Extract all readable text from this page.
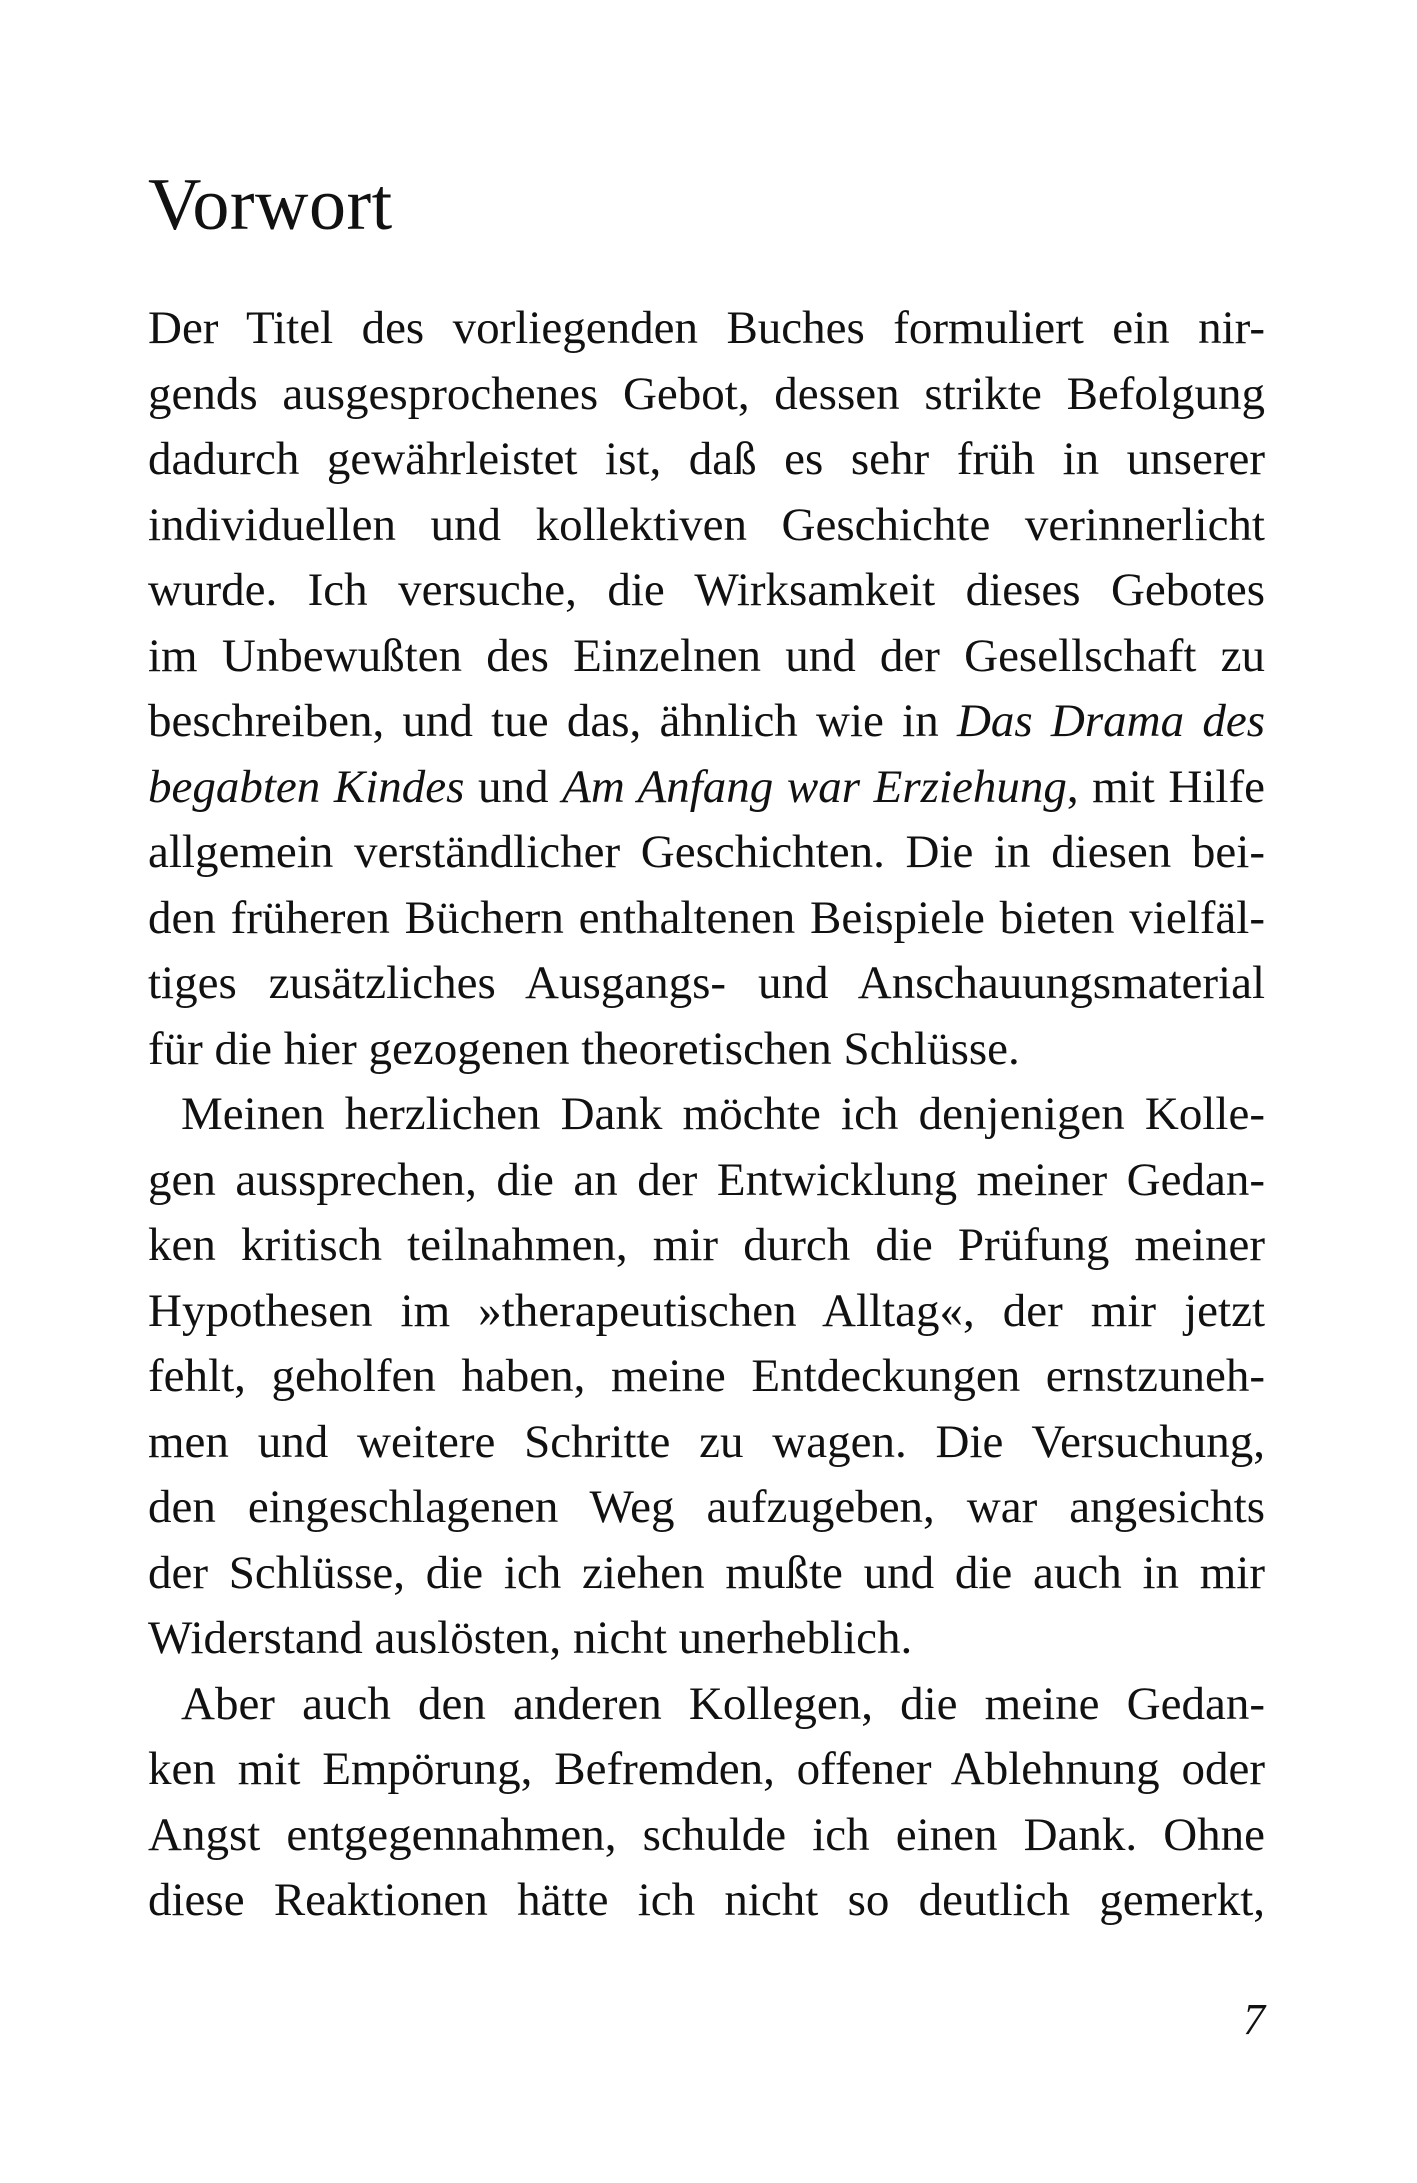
Vorwort
Der Titel des vorliegenden Buches formuliert ein nir-
gends ausgesprochenes Gebot, dessen strikte Befolgung
dadurch gewährleistet ist, daß es sehr früh in unserer
individuellen und kollektiven Geschichte verinnerlicht
wurde. Ich versuche, die Wirksamkeit dieses Gebotes
im Unbewußten des Einzelnen und der Gesellschaft zu
beschreiben, und tue das, ähnlich wie in Das Drama des
begabten Kindes und Am Anfang war Erziehung, mit Hilfe
allgemein verständlicher Geschichten. Die in diesen bei-
den früheren Büchern enthaltenen Beispiele bieten vielfäl-
tiges zusätzliches Ausgangs- und Anschauungsmaterial
für die hier gezogenen theoretischen Schlüsse.
Meinen herzlichen Dank möchte ich denjenigen Kolle-
gen aussprechen, die an der Entwicklung meiner Gedan-
ken kritisch teilnahmen, mir durch die Prüfung meiner
Hypothesen im »therapeutischen Alltag«, der mir jetzt
fehlt, geholfen haben, meine Entdeckungen ernstzuneh-
men und weitere Schritte zu wagen. Die Versuchung,
den eingeschlagenen Weg aufzugeben, war angesichts
der Schlüsse, die ich ziehen mußte und die auch in mir
Widerstand auslösten, nicht unerheblich.
Aber auch den anderen Kollegen, die meine Gedan-
ken mit Empörung, Befremden, offener Ablehnung oder
Angst entgegennahmen, schulde ich einen Dank. Ohne
diese Reaktionen hätte ich nicht so deutlich gemerkt,
7
